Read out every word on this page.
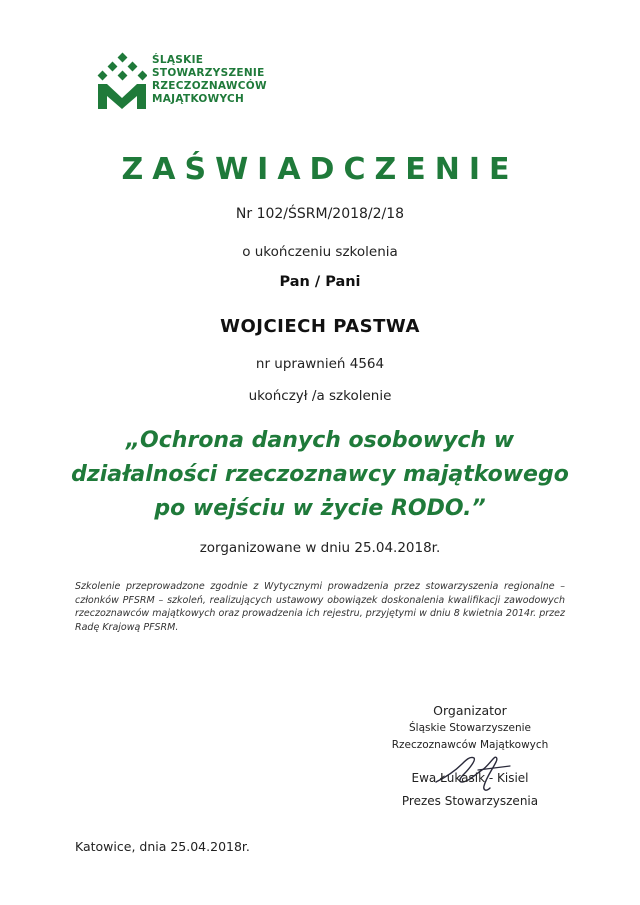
ŚLĄSKIE
STOWARZYSZENIE
RZECZOZNAWCÓW
MAJĄTKOWYCH
ZAŚWIADCZENIE
Nr 102/ŚSRM/2018/2/18
o ukończeniu szkolenia
Pan / Pani
WOJCIECH PASTWA
nr uprawnień 4564
ukończył /a szkolenie
„Ochrona danych osobowych w
działalności rzeczoznawcy majątkowego
po wejściu w życie RODO.”
zorganizowane w dniu 25.04.2018r.
Szkolenie przeprowadzone zgodnie z Wytycznymi prowadzenia przez stowarzyszenia regionalne – członków PFSRM – szkoleń, realizujących ustawowy obowiązek doskonalenia kwalifikacji zawodowych rzeczoznawców majątkowych oraz prowadzenia ich rejestru, przyjętymi w dniu 8 kwietnia 2014r. przez Radę Krajową PFSRM.
Organizator
Śląskie Stowarzyszenie
Rzeczoznawców Majątkowych
Ewa Łukasik - Kisiel
Prezes Stowarzyszenia
Katowice, dnia 25.04.2018r.
